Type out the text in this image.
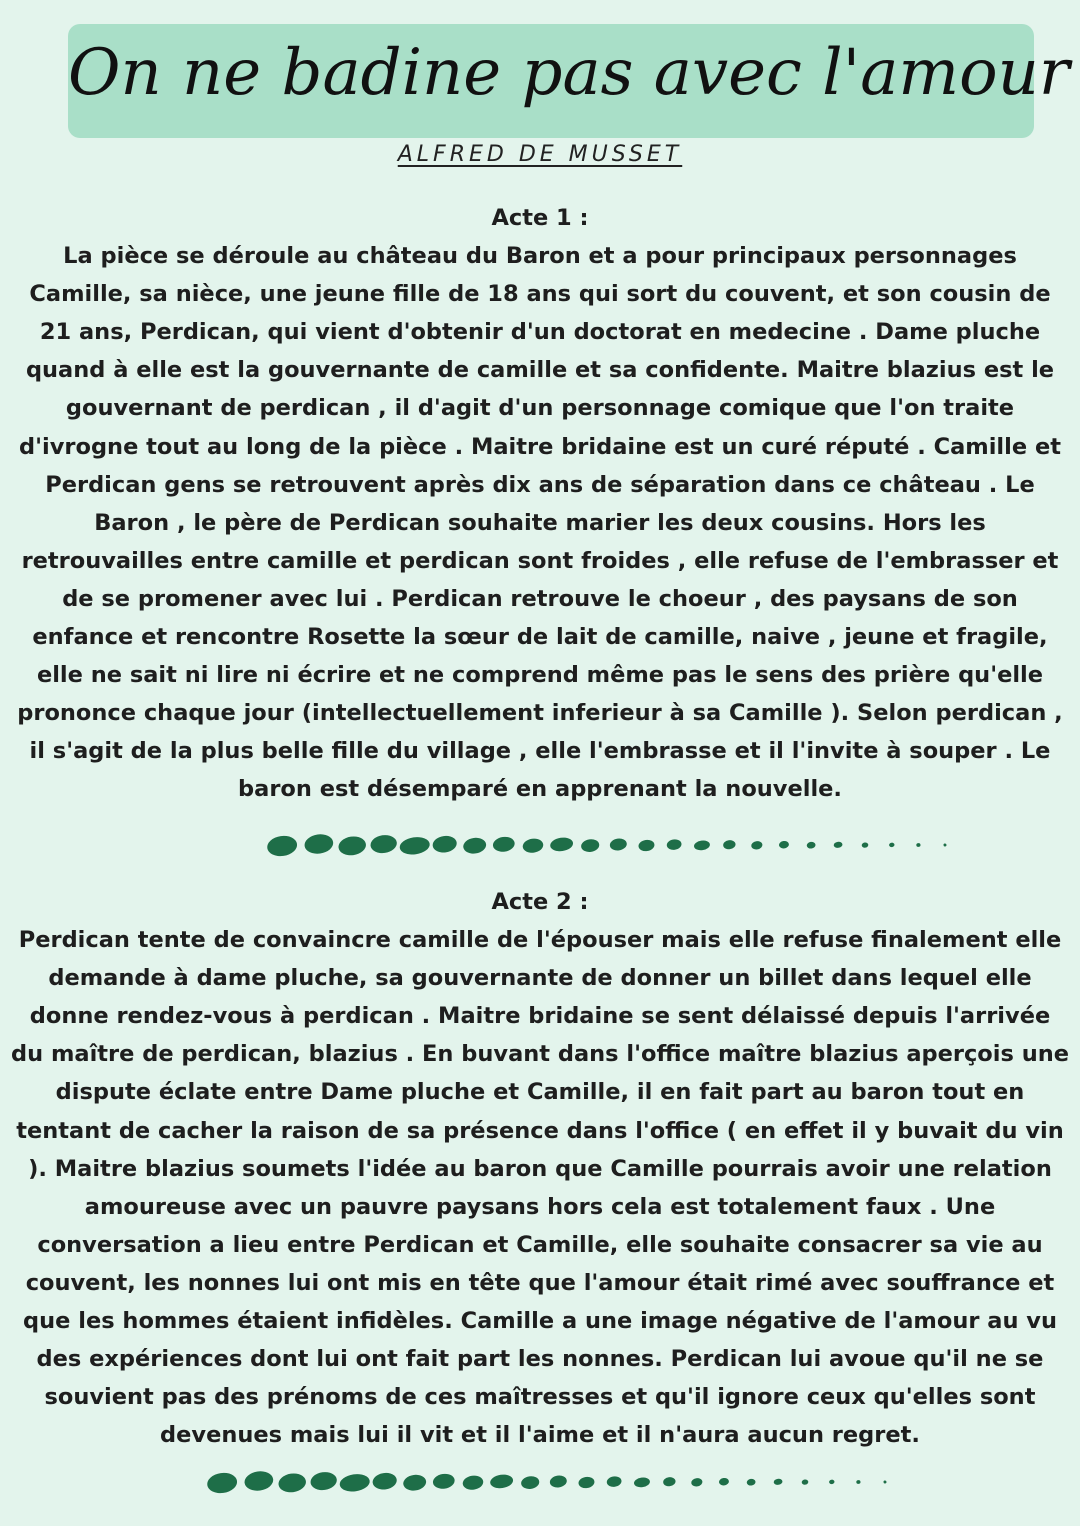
On ne badine pas avec l'amour
ALFRED DE MUSSET
Acte 1 :
La pièce se déroule au château du Baron et a pour principaux personnages Camille, sa nièce, une jeune fille de 18 ans qui sort du couvent, et son cousin de 21 ans, Perdican, qui vient d'obtenir d'un doctorat en medecine . Dame pluche quand à elle est la gouvernante de camille et sa confidente. Maitre blazius est le gouvernant de perdican , il d'agit d'un personnage comique que l'on traite d'ivrogne tout au long de la pièce . Maitre bridaine est un curé réputé . Camille et Perdican gens se retrouvent après dix ans de séparation dans ce château . Le Baron , le père de Perdican souhaite marier les deux cousins. Hors les retrouvailles entre camille et perdican sont froides , elle refuse de l'embrasser et de se promener avec lui . Perdican retrouve le choeur , des paysans de son enfance et rencontre Rosette la sœur de lait de camille, naive , jeune et fragile, elle ne sait ni lire ni écrire et ne comprend même pas le sens des prière qu'elle prononce chaque jour (intellectuellement inferieur à sa Camille ). Selon perdican , il s'agit de la plus belle fille du village , elle l'embrasse et il l'invite à souper . Le baron est désemparé en apprenant la nouvelle.
Acte 2 :
Perdican tente de convaincre camille de l'épouser mais elle refuse finalement elle demande à dame pluche, sa gouvernante de donner un billet dans lequel elle donne rendez-vous à perdican . Maitre bridaine se sent délaissé depuis l'arrivée du maître de perdican, blazius . En buvant dans l'office maître blazius aperçois une dispute éclate entre Dame pluche et Camille, il en fait part au baron tout en tentant de cacher la raison de sa présence dans l'office ( en effet il y buvait du vin ). Maitre blazius soumets l'idée au baron que Camille pourrais avoir une relation amoureuse avec un pauvre paysans hors cela est totalement faux . Une conversation a lieu entre Perdican et Camille, elle souhaite consacrer sa vie au couvent, les nonnes lui ont mis en tête que l'amour était rimé avec souffrance et que les hommes étaient infidèles. Camille a une image négative de l'amour au vu des expériences dont lui ont fait part les nonnes. Perdican lui avoue qu'il ne se souvient pas des prénoms de ces maîtresses et qu'il ignore ceux qu'elles sont devenues mais lui il vit et il l'aime et il n'aura aucun regret.
